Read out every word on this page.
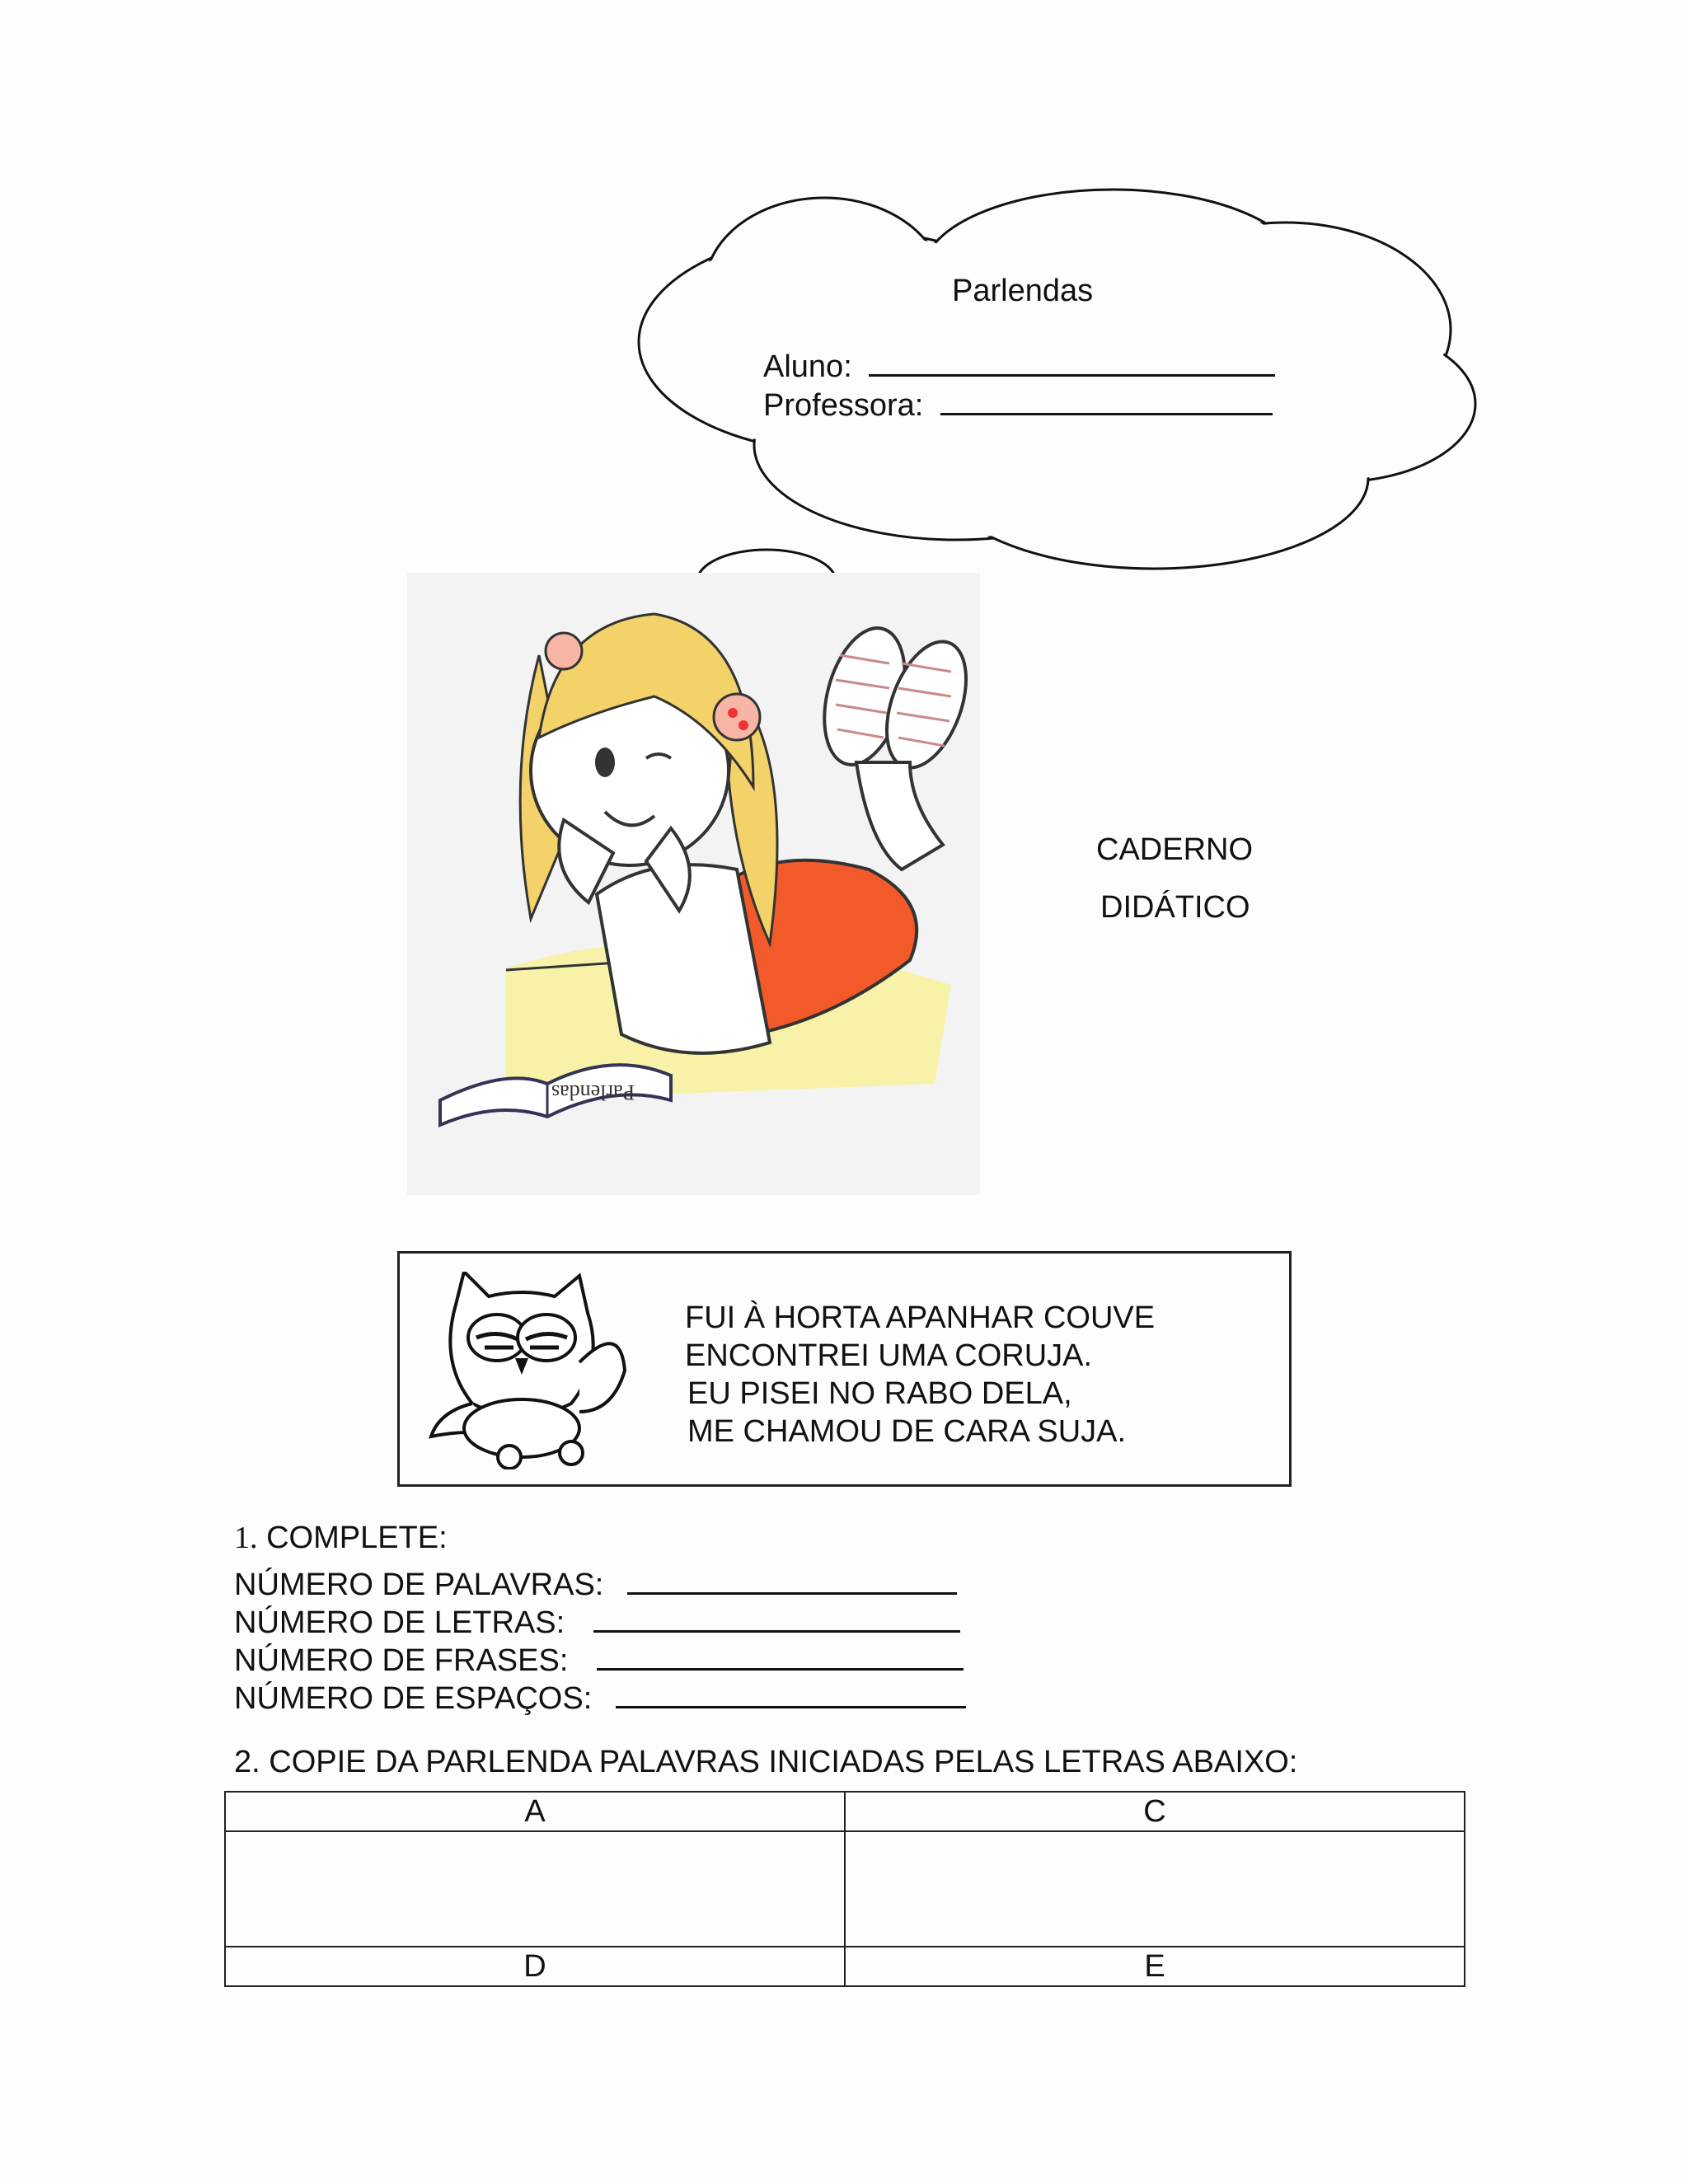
Parlendas
Aluno:
Professora:
Parlendas
CADERNO
DIDÁTICO
FUI À HORTA APANHAR COUVE
ENCONTREI UMA CORUJA.
EU PISEI NO RABO DELA,
ME CHAMOU DE CARA SUJA.
1. COMPLETE:
NÚMERO DE PALAVRAS:
NÚMERO DE LETRAS:
NÚMERO DE FRASES:
NÚMERO DE ESPAÇOS:
2. COPIE DA PARLENDA PALAVRAS INICIADAS PELAS LETRAS ABAIXO:
A	C

D	E
